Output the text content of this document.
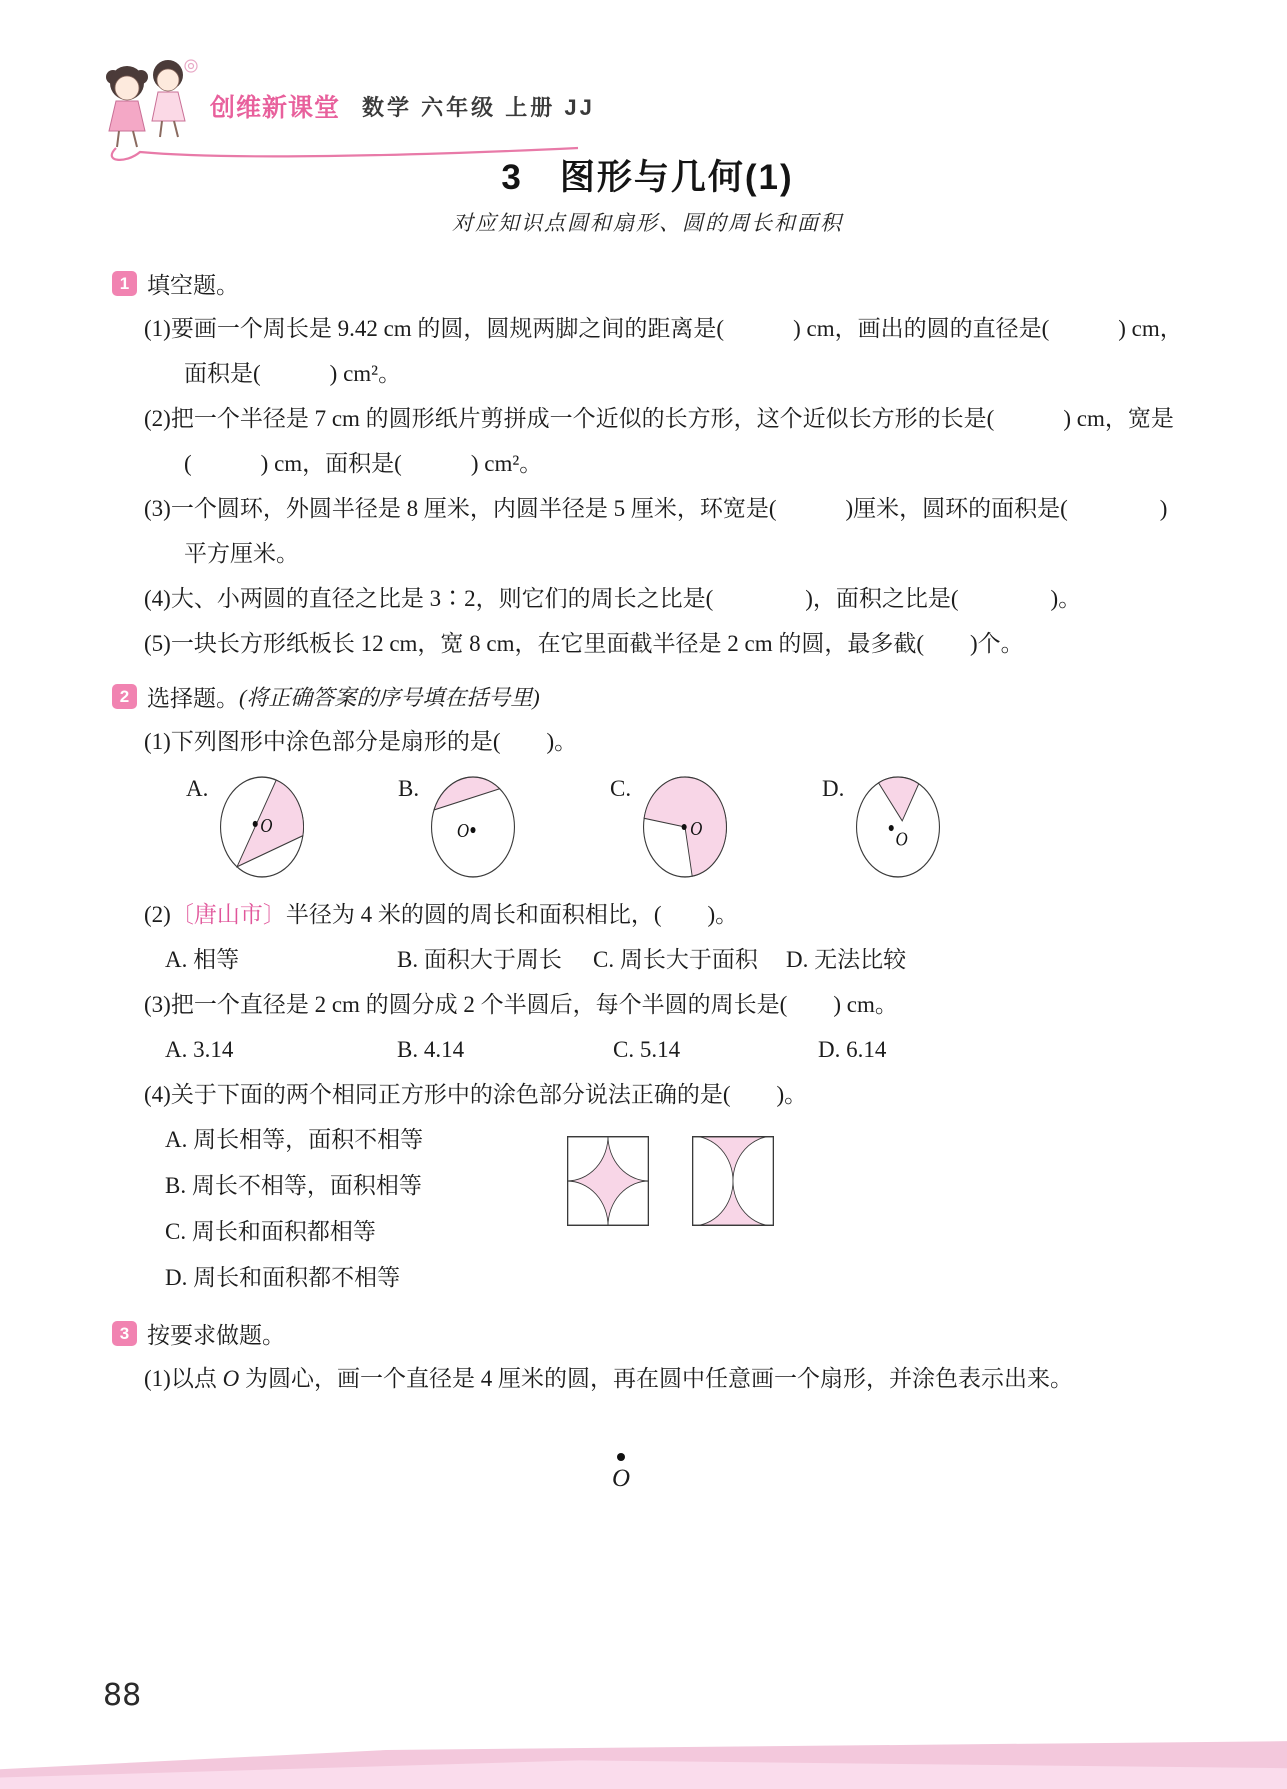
创维新课堂 数学 六年级 上册 JJ
3　图形与几何(1)
对应知识点圆和扇形、圆的周长和面积
1 填空题。
(1)要画一个周长是 9.42 cm 的圆，圆规两脚之间的距离是(　　　) cm，画出的圆的直径是(　　　) cm，面积是(　　　) cm²。
(2)把一个半径是 7 cm 的圆形纸片剪拼成一个近似的长方形，这个近似长方形的长是(　　　) cm，宽是(　　　) cm，面积是(　　　) cm²。
(3)一个圆环，外圆半径是 8 厘米，内圆半径是 5 厘米，环宽是(　　　)厘米，圆环的面积是(　　　　)平方厘米。
(4)大、小两圆的直径之比是 3∶2，则它们的周长之比是(　　　　)，面积之比是(　　　　)。
(5)一块长方形纸板长 12 cm，宽 8 cm，在它里面截半径是 2 cm 的圆，最多截(　　)个。
2 选择题。 (将正确答案的序号填在括号里)
(1)下列图形中涂色部分是扇形的是(　　)。
A.
O
B.
O
C.
O
D.
O
(2)〔唐山市〕半径为 4 米的圆的周长和面积相比，(　　)。
A. 相等	B. 面积大于周长	C. 周长大于面积	D. 无法比较
(3)把一个直径是 2 cm 的圆分成 2 个半圆后，每个半圆的周长是(　　) cm。
A. 3.14	B. 4.14	C. 5.14	D. 6.14
(4)关于下面的两个相同正方形中的涂色部分说法正确的是(　　)。
A. 周长相等，面积不相等
B. 周长不相等，面积相等
C. 周长和面积都相等
D. 周长和面积都不相等
3 按要求做题。
(1)以点 O 为圆心，画一个直径是 4 厘米的圆，再在圆中任意画一个扇形，并涂色表示出来。
O
88
